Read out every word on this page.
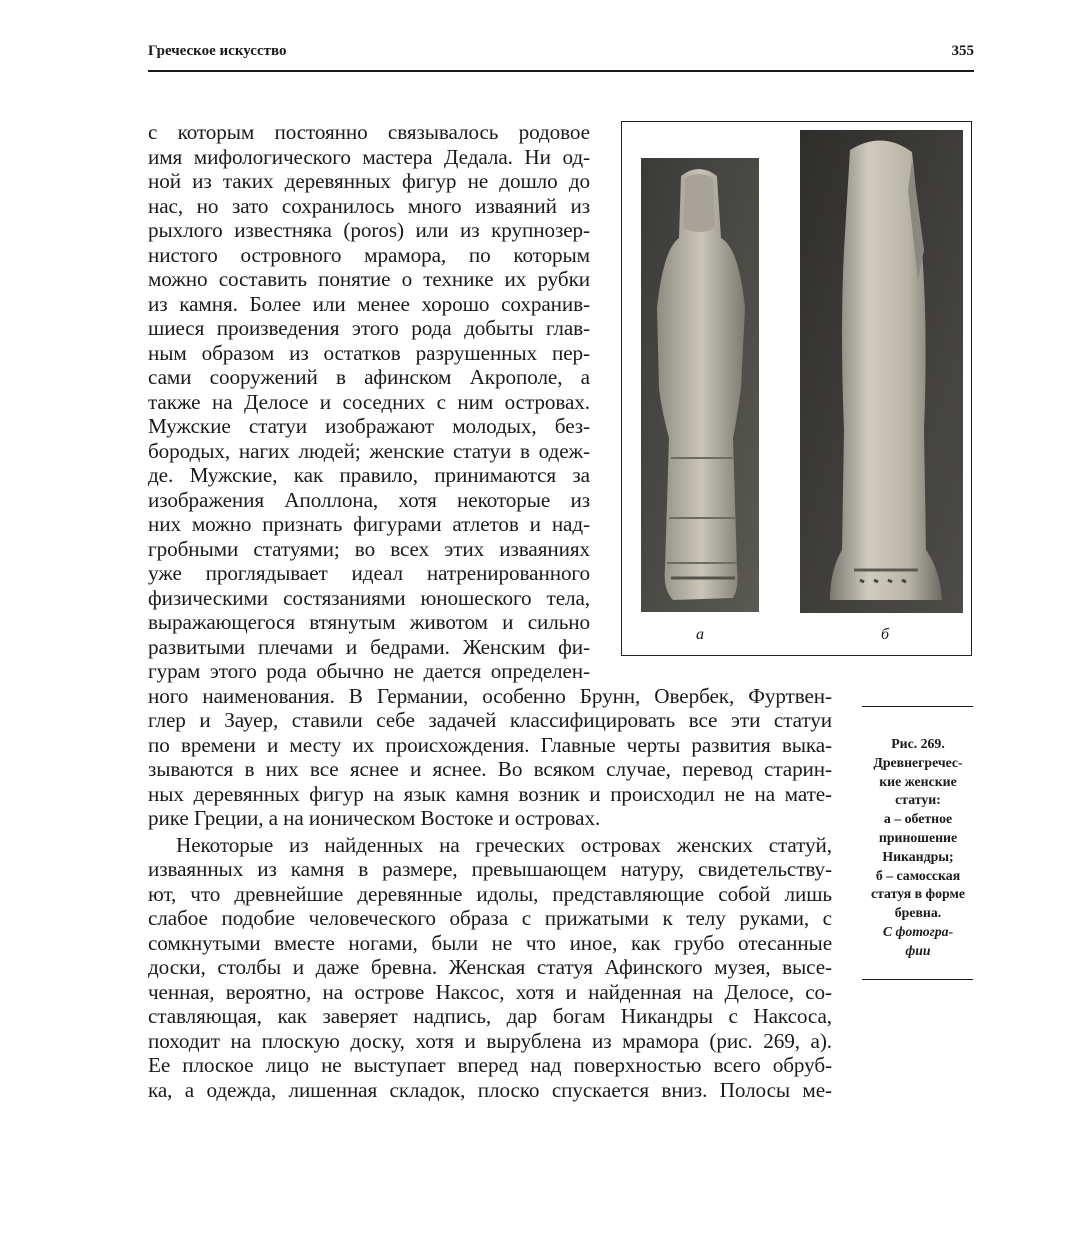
Греческое искусство	355
с которым постоянно связывалось родовое
имя мифологического мастера Дедала. Ни од-
ной из таких деревянных фигур не дошло до
нас, но зато сохранилось много изваяний из
рыхлого известняка (poros) или из крупнозер-
нистого островного мрамора, по которым
можно составить понятие о технике их рубки
из камня. Более или менее хорошо сохранив-
шиеся произведения этого рода добыты глав-
ным образом из остатков разрушенных пер-
сами сооружений в афинском Акрополе, а
также на Делосе и соседних с ним островах.
Мужские статуи изображают молодых, без-
бородых, нагих людей; женские статуи в одеж-
де. Мужские, как правило, принимаются за
изображения Аполлона, хотя некоторые из
них можно признать фигурами атлетов и над-
гробными статуями; во всех этих изваяниях
уже проглядывает идеал натренированного
физическими состязаниями юношеского тела,
выражающегося втянутым животом и сильно
развитыми плечами и бедрами. Женским фи-
гурам этого рода обычно не дается определен-
ного наименования. В Германии, особенно Брунн, Овербек, Фуртвен-
глер и Зауер, ставили себе задачей классифицировать все эти статуи
по времени и месту их происхождения. Главные черты развития выка-
зываются в них все яснее и яснее. Во всяком случае, перевод старин-
ных деревянных фигур на язык камня возник и происходил не на мате-
рике Греции, а на ионическом Востоке и островах.
Некоторые из найденных на греческих островах женских статуй,
изваянных из камня в размере, превышающем натуру, свидетельству-
ют, что древнейшие деревянные идолы, представляющие собой лишь
слабое подобие человеческого образа с прижатыми к телу руками, с
сомкнутыми вместе ногами, были не что иное, как грубо отесанные
доски, столбы и даже бревна. Женская статуя Афинского музея, высе-
ченная, вероятно, на острове Наксос, хотя и найденная на Делосе, со-
ставляющая, как заверяет надпись, дар богам Никандры с Наксоса,
походит на плоскую доску, хотя и вырублена из мрамора (рис. 269, а).
Ее плоское лицо не выступает вперед над поверхностью всего обруб-
ка, а одежда, лишенная складок, плоско спускается вниз. Полосы ме-
а	б
Рис. 269.
Древнегречес-
кие женские
статуи:
а – обетное
приношение
Никандры;
б – самосская
статуя в форме
бревна.
С фотогра-
фии
